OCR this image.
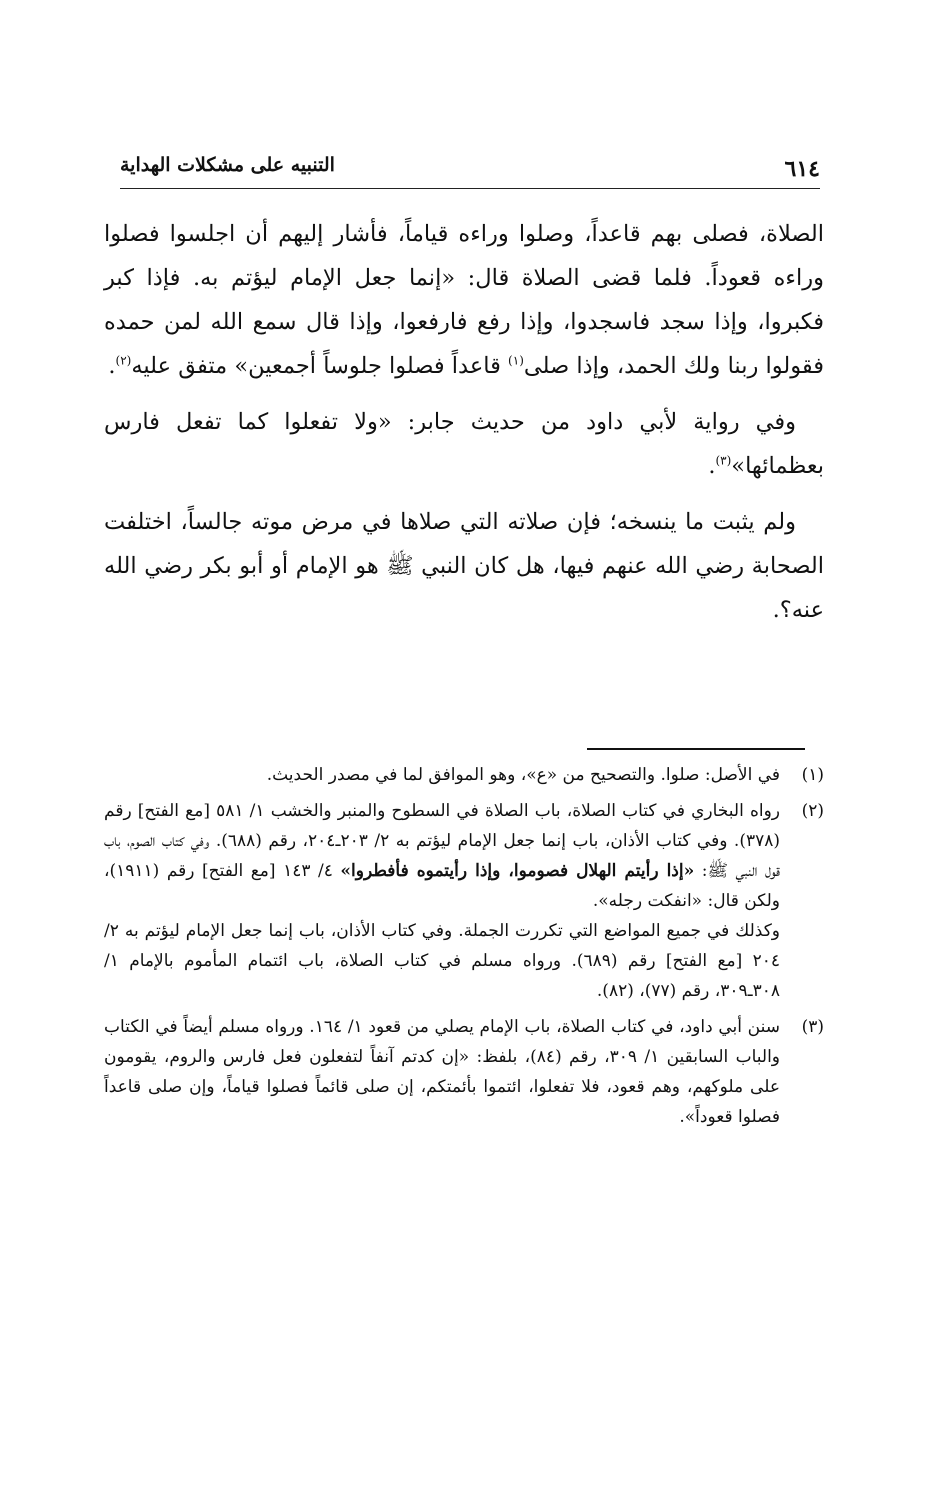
٦١٤
التنبيه على مشكلات الهداية

الصلاة، فصلى بهم قاعداً، وصلوا وراءه قياماً، فأشار إليهم أن اجلسوا فصلوا وراءه قعوداً. فلما قضى الصلاة قال: «إنما جعل الإمام ليؤتم به. فإذا كبر فكبروا، وإذا سجد فاسجدوا، وإذا رفع فارفعوا، وإذا قال سمع الله لمن حمده فقولوا ربنا ولك الحمد، وإذا صلى$^{(١)}$ قاعداً فصلوا جلوساً أجمعين» متفق عليه$^{(٢)}$.

وفي رواية لأبي داود من حديث جابر: «ولا تفعلوا كما تفعل فارس بعظمائها»$^{(٣)}$.

ولم يثبت ما ينسخه؛ فإن صلاته التي صلاها في مرض موته جالساً، اختلفت الصحابة رضي الله عنهم فيها، هل كان النبي ﷺ هو الإمام أو أبو بكر رضي الله عنه؟.

(١)
في الأصل: صلوا. والتصحيح من «ع»، وهو الموافق لما في مصدر الحديث.
(٢)
رواه البخاري في كتاب الصلاة، باب الصلاة في السطوح والمنبر والخشب ١/ ٥٨١ [مع الفتح] رقم (٣٧٨). وفي كتاب الأذان، باب إنما جعل الإمام ليؤتم به ٢/ ٢٠٣ـ٢٠٤، رقم (٦٨٨). وفي كتاب الصوم، باب قول النبي ﷺ: «إذا رأيتم الهلال فصوموا، وإذا رأيتموه فأفطروا» ٤/ ١٤٣ [مع الفتح] رقم (١٩١١)، ولكن قال: «انفكت رجله».

وكذلك في جميع المواضع التي تكررت الجملة. وفي كتاب الأذان، باب إنما جعل الإمام ليؤتم به ٢/ ٢٠٤ [مع الفتح] رقم (٦٨٩). ورواه مسلم في كتاب الصلاة، باب ائتمام المأموم بالإمام ١/ ٣٠٨ـ٣٠٩، رقم (٧٧)، (٨٢).

(٣)
سنن أبي داود، في كتاب الصلاة، باب الإمام يصلي من قعود ١/ ١٦٤. ورواه مسلم أيضاً في الكتاب والباب السابقين ١/ ٣٠٩، رقم (٨٤)، بلفظ: «إن كدتم آنفاً لتفعلون فعل فارس والروم، يقومون على ملوكهم، وهم قعود، فلا تفعلوا، ائتموا بأئمتكم، إن صلى قائماً فصلوا قياماً، وإن صلى قاعداً فصلوا قعوداً».
